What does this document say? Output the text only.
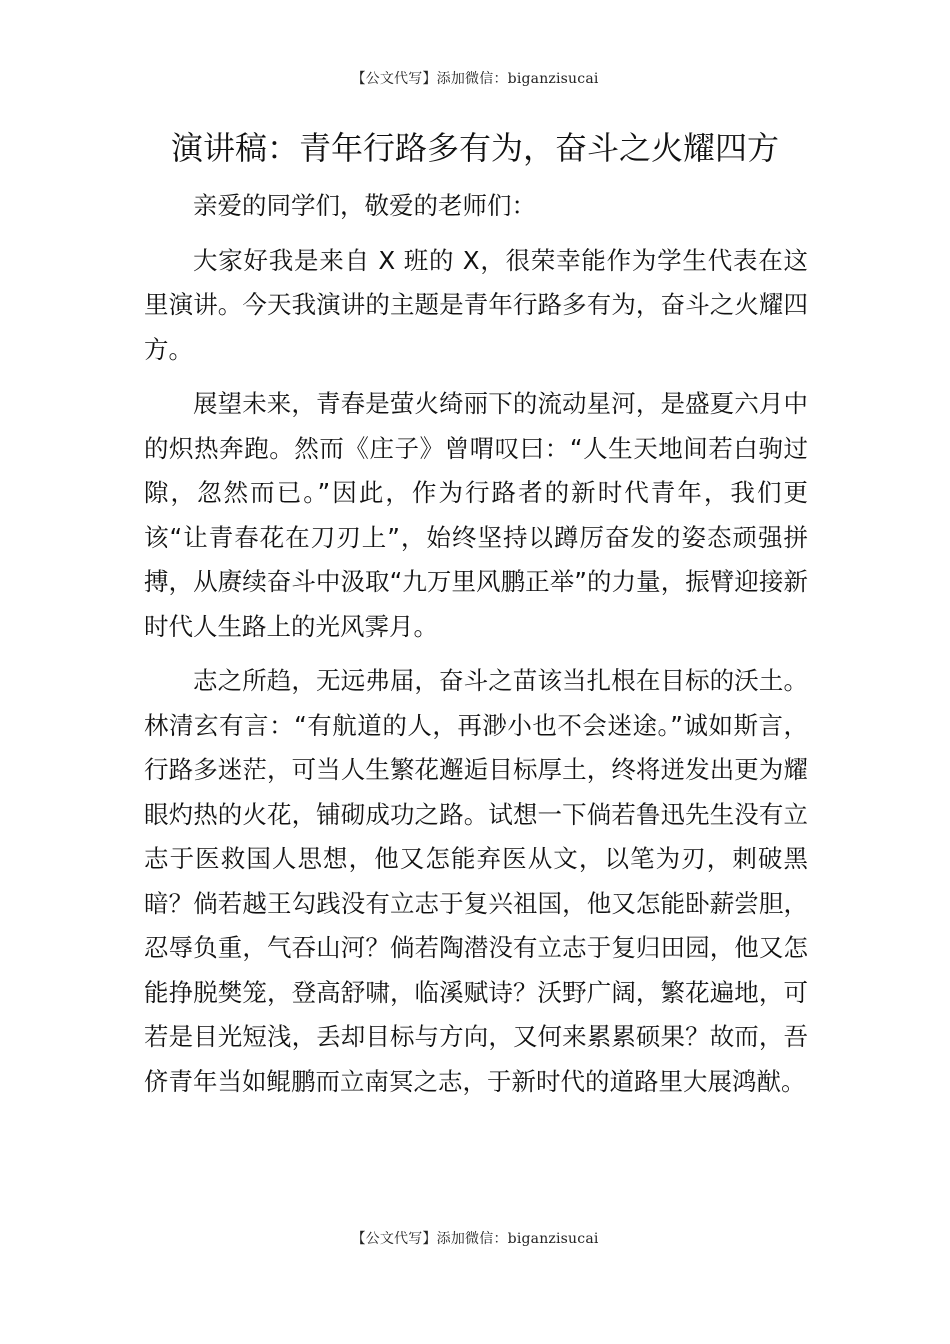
【公文代写】添加微信：biganzisucai
演讲稿：青年行路多有为，奋斗之火耀四方

亲爱的同学们，敬爱的老师们：

大家好我是来自 X 班的 X，很荣幸能作为学生代表在这里演讲。今天我演讲的主题是青年行路多有为，奋斗之火耀四方。

展望未来，青春是萤火绮丽下的流动星河，是盛夏六月中的炽热奔跑。然而《庄子》曾喟叹曰：“人生天地间若白驹过隙，忽然而已。”因此，作为行路者的新时代青年，我们更该“让青春花在刀刃上”，始终坚持以蹲厉奋发的姿态顽强拼搏，从赓续奋斗中汲取“九万里风鹏正举”的力量，振臂迎接新时代人生路上的光风霁月。

志之所趋，无远弗届，奋斗之苗该当扎根在目标的沃土。林清玄有言：“有航道的人，再渺小也不会迷途。”诚如斯言，行路多迷茫，可当人生繁花邂逅目标厚土，终将迸发出更为耀眼灼热的火花，铺砌成功之路。试想一下倘若鲁迅先生没有立志于医救国人思想，他又怎能弃医从文，以笔为刃，刺破黑暗？倘若越王勾践没有立志于复兴祖国，他又怎能卧薪尝胆，忍辱负重，气吞山河？倘若陶潜没有立志于复归田园，他又怎能挣脱樊笼，登高舒啸，临溪赋诗？沃野广阔，繁花遍地，可若是目光短浅，丢却目标与方向，又何来累累硕果？故而，吾侪青年当如鲲鹏而立南冥之志，于新时代的道路里大展鸿猷。

【公文代写】添加微信：biganzisucai
